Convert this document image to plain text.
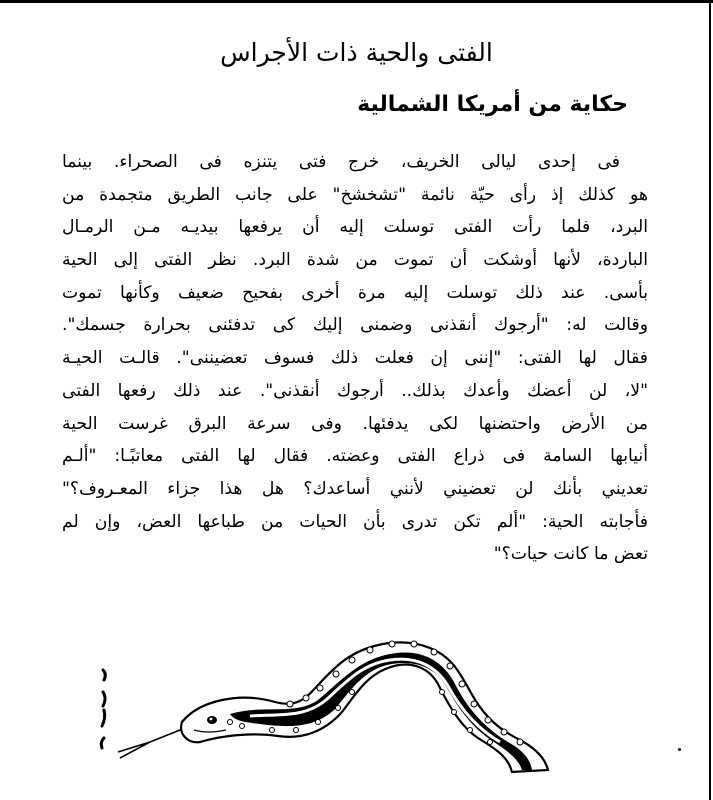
الفتى والحية ذات الأجراس
حكاية من أمريكا الشمالية
فى إحدى ليالى الخريف، خرج فتى يتنزه فى الصحراء. بينما
هو كذلك إذ رأى حيّة نائمة "تشخشخ" على جانب الطريق متجمدة من
البرد، فلما رأت الفتى توسلت إليه أن يرفعها بيديـه مـن الرمـال
الباردة، لأنها أوشكت أن تموت من شدة البرد. نظر الفتى إلى الحية
بأسى. عند ذلك توسلت إليه مرة أخرى بفحيح ضعيف وكأنها تموت
وقالت له: "أرجوك أنقذنى وضمنى إليك كى تدفئنى بحرارة جسمك".
فقال لها الفتى: "إننى إن فعلت ذلك فسوف تعضيننى". قالـت الحيـة
"لا، لن أعضك وأعدك بذلك.. أرجوك أنقذنى". عند ذلك رفعها الفتى
من الأرض واحتضنها لكى يدفئها. وفى سرعة البرق غرست الحية
أنيابها السامة فى ذراع الفتى وعضته. فقال لها الفتى معاتبًـا: "ألـم
تعديني بأنك لن تعضيني لأنني أساعدك؟ هل هذا جزاء المعـروف؟"
فأجابته الحية: "ألم تكن تدرى بأن الحيات من طباعها العض، وإن لم
تعض ما كانت حيات؟"
